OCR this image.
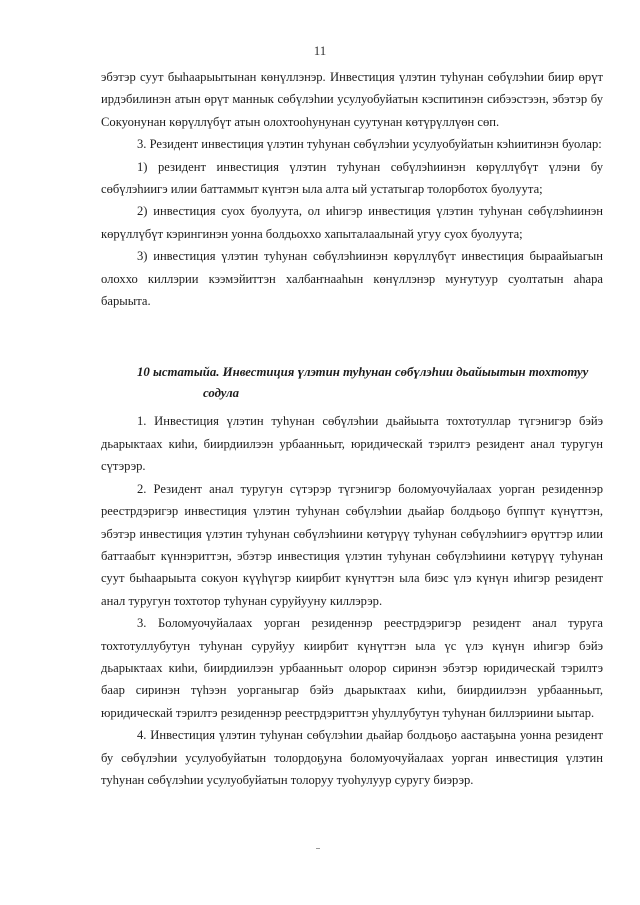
11

эбэтэр суут быһаарыытынан көнүллэнэр. Инвестиция үлэтин туһунан сөбүлэһии биир өрүт ирдэбилинэн атын өрүт маннык сөбүлэһии усулуобуйатын кэспитинэн сибээстээн, эбэтэр бу Сокуонунан көрүллүбүт атын олохтооһунунан суутунан көтүрүллүөн сөп.

3. Резидент инвестиция үлэтин туһунан сөбүлэһии усулуобуйатын кэһиитинэн буолар:

1) резидент инвестиция үлэтин туһунан сөбүлэһиинэн көрүллүбүт үлэни бу сөбүлэһиигэ илии баттаммыт күнтэн ыла алта ый устатыгар толорботох буолуута;

2) инвестиция суох буолуута, ол иһигэр инвестиция үлэтин туһунан сөбүлэһиинэн көрүллүбүт кэрингинэн уонна болдьоххо хапыталаалынай угуу суох буолуута;

3) инвестиция үлэтин туһунан сөбүлэһиинэн көрүллүбүт инвестиция быраайыагын олоххо киллэрии кээмэйиттэн халбаҥнааһын көнүллэнэр муҥутуур суолтатын аһара барыыта.

10 ыстатыйа. Инвестиция үлэтин туһунан сөбүлэһии дьайыытын тохтотуу

содула

1. Инвестиция үлэтин туһунан сөбүлэһии дьайыыта тохтотуллар түгэнигэр бэйэ дьарыктаах киһи, биирдиилээн урбаанньыт, юридическай тэрилтэ резидент анал туругун сүтэрэр.

2. Резидент анал туругун сүтэрэр түгэнигэр боломуочуйалаах уорган резиденнэр реестрдэригэр инвестиция үлэтин туһунан сөбүлэһии дьайар болдьоҕо бүппүт күнүттэн, эбэтэр инвестиция үлэтин туһунан сөбүлэһиини көтүрүү туһунан сөбүлэһиигэ өрүттэр илии баттаабыт күннэриттэн, эбэтэр инвестиция үлэтин туһунан сөбүлэһиини көтүрүү туһунан суут быһаарыыта сокуон күүһүгэр киирбит күнүттэн ыла биэс үлэ күнүн иһигэр резидент анал туругун тохтотор туһунан суруйууну киллэрэр.

3. Боломуочуйалаах уорган резиденнэр реестрдэригэр резидент анал туруга тохтотуллубутун туһунан суруйуу киирбит күнүттэн ыла үс үлэ күнүн иһигэр бэйэ дьарыктаах киһи, биирдиилээн урбаанньыт олорор сиринэн эбэтэр юридическай тэрилтэ баар сиринэн түһээн уорганыгар бэйэ дьарыктаах киһи, биирдиилээн урбаанньыт, юридическай тэрилтэ резиденнэр реестрдэриттэн уһуллубутун туһунан биллэриини ыытар.

4. Инвестиция үлэтин туһунан сөбүлэһии дьайар болдьоҕо аастаҕына уонна резидент бу сөбүлэһии усулуобуйатын толордоҕуна боломуочуйалаах уорган инвестиция үлэтин туһунан сөбүлэһии усулуобуйатын толоруу туоһулуур суругу биэрэр.
